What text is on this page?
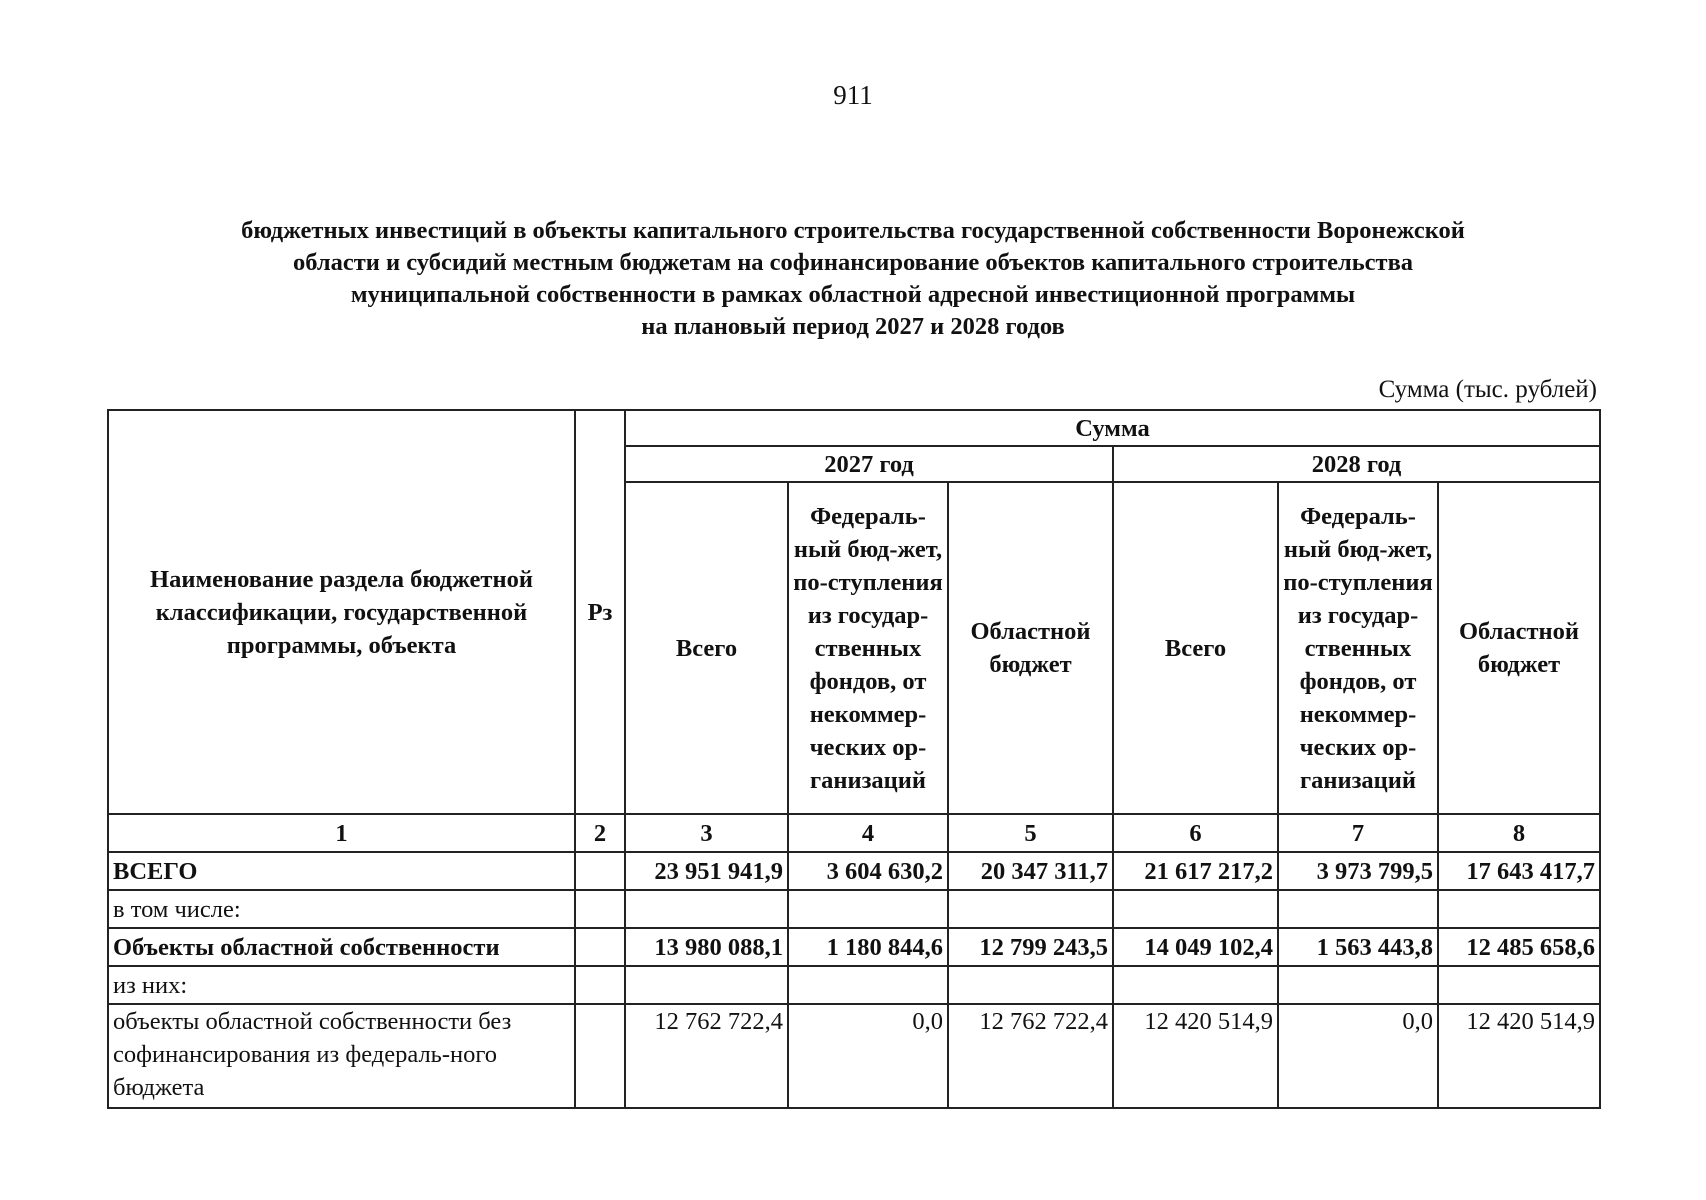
911
бюджетных инвестиций в объекты капитального строительства государственной собственности Воронежской
области и субсидий местным бюджетам на софинансирование объектов капитального строительства
муниципальной собственности в рамках областной адресной инвестиционной программы
на плановый период 2027 и 2028 годов
Сумма (тыс. рублей)
Наименование раздела бюджетной классификации, государственной программы, объекта	Рз	Сумма					
		2027 год			2028 год		
		Всего	Федераль-ный бюд-жет, по-ступления из государ-ственных фондов, от некоммер-ческих ор-ганизаций	Областной бюджет	Всего	Федераль-ный бюд-жет, по-ступления из государ-ственных фондов, от некоммер-ческих ор-ганизаций	Областной бюджет
1	2	3	4	5	6	7	8
ВСЕГО		23 951 941,9	3 604 630,2	20 347 311,7	21 617 217,2	3 973 799,5	17 643 417,7
в том числе:							
Объекты областной собственности		13 980 088,1	1 180 844,6	12 799 243,5	14 049 102,4	1 563 443,8	12 485 658,6
из них:							
объекты областной собственности без софинансирования из федераль-ного бюджета		12 762 722,4	0,0	12 762 722,4	12 420 514,9	0,0	12 420 514,9
